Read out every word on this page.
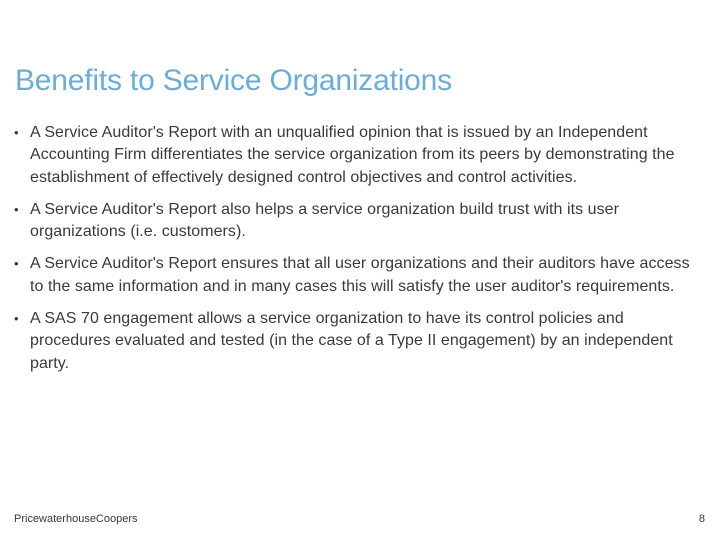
Benefits to Service Organizations
• A Service Auditor's Report with an unqualified opinion that is issued by an Independent Accounting Firm differentiates the service organization from its peers by demonstrating the establishment of effectively designed control objectives and control activities.
• A Service Auditor's Report also helps a service organization build trust with its user organizations (i.e. customers).
• A Service Auditor's Report ensures that all user organizations and their auditors have access to the same information and in many cases this will satisfy the user auditor's requirements.
• A SAS 70 engagement allows a service organization to have its control policies and procedures evaluated and tested (in the case of a Type II engagement) by an independent party.
PricewaterhouseCoopers	8
